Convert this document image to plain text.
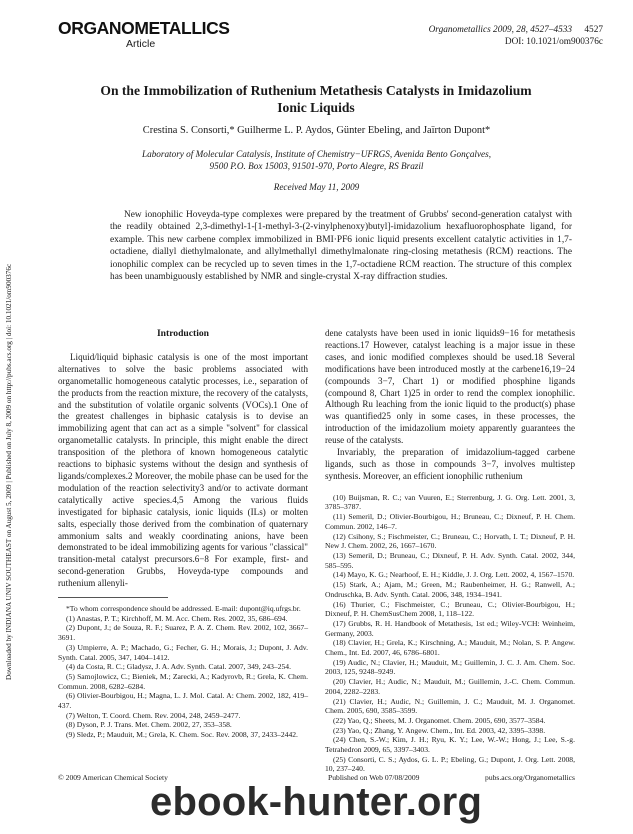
Downloaded by INDIANA UNIV SOUTHEAST on August 5, 2009 | Published on July 8, 2009 on http://pubs.acs.org | doi: 10.1021/om900376c
ORGANOMETALLICS
Article
Organometallics 2009, 28, 4527–4533 4527
DOI: 10.1021/om900376c
On the Immobilization of Ruthenium Metathesis Catalysts in Imidazolium Ionic Liquids
Crestina S. Consorti,* Guilherme L. P. Aydos, Günter Ebeling, and Jaïrton Dupont*
Laboratory of Molecular Catalysis, Institute of Chemistry−UFRGS, Avenida Bento Gonçalves,
9500 P.O. Box 15003, 91501-970, Porto Alegre, RS Brazil
Received May 11, 2009

New ionophilic Hoveyda-type complexes were prepared by the treatment of Grubbs' second-generation catalyst with the readily obtained 2,3-dimethyl-1-[1-methyl-3-(2-vinylphenoxy)butyl]-imidazolium hexafluorophosphate ligand, for example. This new carbene complex immobilized in BMI·PF6 ionic liquid presents excellent catalytic activities in 1,7-octadiene, diallyl diethylmalonate, and allylmethallyl dimethylmalonate ring-closing metathesis (RCM) reactions. The ionophilic complex can be recycled up to seven times in the 1,7-octadiene RCM reaction. The structure of this complex has been unambiguously established by NMR and single-crystal X-ray diffraction studies.

Introduction

Liquid/liquid biphasic catalysis is one of the most important alternatives to solve the basic problems associated with organometallic homogeneous catalytic processes, i.e., separation of the products from the reaction mixture, the recovery of the catalysts, and the substitution of volatile organic solvents (VOCs).1 One of the greatest challenges in biphasic catalysis is to devise an immobilizing agent that can act as a simple "solvent" for classical organometallic catalysts. In principle, this might enable the direct transposition of the plethora of known homogeneous catalytic reactions to biphasic systems without the design and synthesis of ligands/complexes.2 Moreover, the mobile phase can be used for the modulation of the reaction selectivity3 and/or to activate dormant catalytically active species.4,5 Among the various fluids investigated for biphasic catalysis, ionic liquids (ILs) or molten salts, especially those derived from the combination of quaternary ammonium salts and weakly coordinating anions, have been demonstrated to be ideal immobilizing agents for various "classical" transition-metal catalyst precursors.6−8 For example, first- and second-generation Grubbs, Hoveyda-type compounds and ruthenium allenyli-

*To whom correspondence should be addressed. E-mail: dupont@iq.ufrgs.br.
(1) Anastas, P. T.; Kirchhoff, M. M. Acc. Chem. Res. 2002, 35, 686–694.
(2) Dupont, J.; de Souza, R. F.; Suarez, P. A. Z. Chem. Rev. 2002, 102, 3667–3691.
(3) Umpierre, A. P.; Machado, G.; Fecher, G. H.; Morais, J.; Dupont, J. Adv. Synth. Catal. 2005, 347, 1404–1412.
(4) da Costa, R. C.; Gladysz, J. A. Adv. Synth. Catal. 2007, 349, 243–254.
(5) Samojlowicz, C.; Bieniek, M.; Zarecki, A.; Kadyrovb, R.; Grela, K. Chem. Commun. 2008, 6282–6284.
(6) Olivier-Bourbigou, H.; Magna, L. J. Mol. Catal. A: Chem. 2002, 182, 419–437.
(7) Welton, T. Coord. Chem. Rev. 2004, 248, 2459–2477.
(8) Dyson, P. J. Trans. Met. Chem. 2002, 27, 353–358.
(9) Sledz, P.; Mauduit, M.; Grela, K. Chem. Soc. Rev. 2008, 37, 2433–2442.

dene catalysts have been used in ionic liquids9−16 for metathesis reactions.17 However, catalyst leaching is a major issue in these cases, and ionic modified complexes should be used.18 Several modifications have been introduced mostly at the carbene16,19−24 (compounds 3−7, Chart 1) or modified phosphine ligands (compound 8, Chart 1)25 in order to rend the complex ionophilic. Although Ru leaching from the ionic liquid to the product(s) phase was quantified25 only in some cases, in these processes, the introduction of the imidazolium moiety apparently guarantees the reuse of the catalysts.

Invariably, the preparation of imidazolium-tagged carbene ligands, such as those in compounds 3−7, involves multistep synthesis. Moreover, an efficient ionophilic ruthenium

(10) Buijsman, R. C.; van Vuuren, E.; Sterrenburg, J. G. Org. Lett. 2001, 3, 3785–3787.
(11) Semeril, D.; Olivier-Bourbigou, H.; Bruneau, C.; Dixneuf, P. H. Chem. Commun. 2002, 146–7.
(12) Csihony, S.; Fischmeister, C.; Bruneau, C.; Horvath, I. T.; Dixneuf, P. H. New J. Chem. 2002, 26, 1667–1670.
(13) Semeril, D.; Bruneau, C.; Dixneuf, P. H. Adv. Synth. Catal. 2002, 344, 585–595.
(14) Mayo, K. G.; Nearhoof, E. H.; Kiddle, J. J. Org. Lett. 2002, 4, 1567–1570.
(15) Stark, A.; Ajam, M.; Green, M.; Raubenheimer, H. G.; Ranwell, A.; Ondruschka, B. Adv. Synth. Catal. 2006, 348, 1934–1941.
(16) Thurier, C.; Fischmeister, C.; Bruneau, C.; Olivier-Bourbigou, H.; Dixneuf, P. H. ChemSusChem 2008, 1, 118–122.
(17) Grubbs, R. H. Handbook of Metathesis, 1st ed.; Wiley-VCH: Weinheim, Germany, 2003.
(18) Clavier, H.; Grela, K.; Kirschning, A.; Mauduit, M.; Nolan, S. P. Angew. Chem., Int. Ed. 2007, 46, 6786–6801.
(19) Audic, N.; Clavier, H.; Mauduit, M.; Guillemin, J. C. J. Am. Chem. Soc. 2003, 125, 9248–9249.
(20) Clavier, H.; Audic, N.; Mauduit, M.; Guillemin, J.-C. Chem. Commun. 2004, 2282–2283.
(21) Clavier, H.; Audic, N.; Guillemin, J. C.; Mauduit, M. J. Organomet. Chem. 2005, 690, 3585–3599.
(22) Yao, Q.; Sheets, M. J. Organomet. Chem. 2005, 690, 3577–3584.
(23) Yao, Q.; Zhang, Y. Angew. Chem., Int. Ed. 2003, 42, 3395–3398.
(24) Chen, S.-W.; Kim, J. H.; Ryu, K. Y.; Lee, W.-W.; Hong, J.; Lee, S.-g. Tetrahedron 2009, 65, 3397–3403.
(25) Consorti, C. S.; Aydos, G. L. P.; Ebeling, G.; Dupont, J. Org. Lett. 2008, 10, 237–240.
© 2009 American Chemical Society	Published on Web 07/08/2009	pubs.acs.org/Organometallics
ebook-hunter.org
